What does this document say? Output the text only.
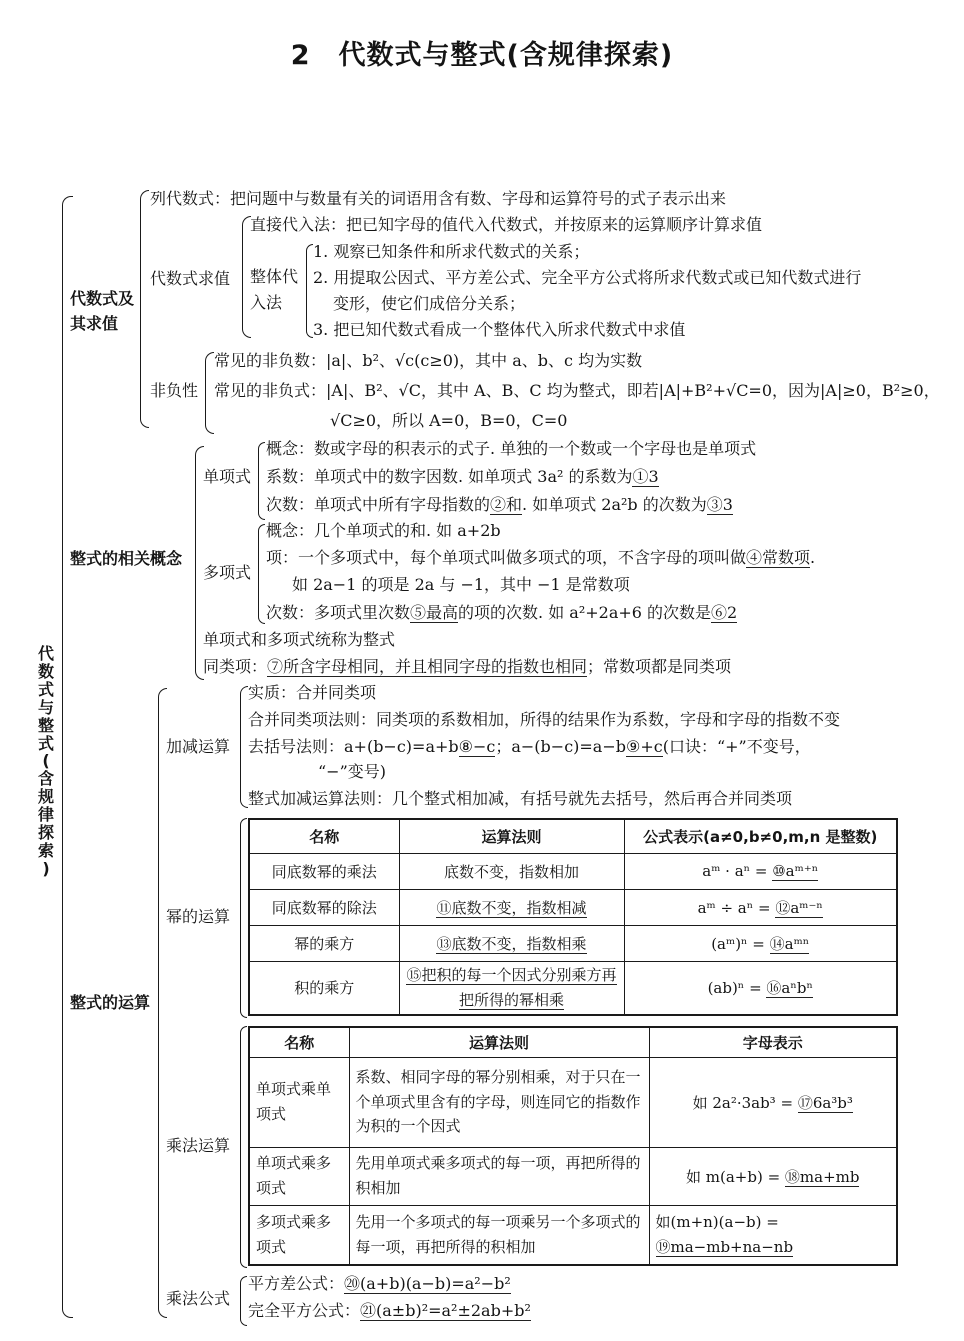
2　代数式与整式(含规律探索)
代
数
式
与
整
式
(
含
规
律
探
索
)
代数式及
其求值
列代数式：把问题中与数量有关的词语用含有数、字母和运算符号的式子表示出来
代数式求值
直接代入法：把已知字母的值代入代数式，并按原来的运算顺序计算求值
整体代
入法
1. 观察已知条件和所求代数式的关系；
2. 用提取公因式、平方差公式、完全平方公式将所求代数式或已知代数式进行
变形，使它们成倍分关系；
3. 把已知代数式看成一个整体代入所求代数式中求值
非负性
常见的非负数：|a|、b²、√c(c≥0)，其中 a、b、c 均为实数
常见的非负式：|A|、B²、√C，其中 A、B、C 均为整式，即若|A|+B²+√C=0，因为|A|≥0，B²≥0，
√C≥0，所以 A=0，B=0，C=0
整式的相关概念
单项式
概念：数或字母的积表示的式子. 单独的一个数或一个字母也是单项式
系数：单项式中的数字因数. 如单项式 3a² 的系数为①3
次数：单项式中所有字母指数的②和. 如单项式 2a²b 的次数为③3
多项式
概念：几个单项式的和. 如 a+2b
项：一个多项式中，每个单项式叫做多项式的项，不含字母的项叫做④常数项.
如 2a−1 的项是 2a 与 −1，其中 −1 是常数项
次数：多项式里次数⑤最高的项的次数. 如 a²+2a+6 的次数是⑥2
单项式和多项式统称为整式
同类项：⑦所含字母相同，并且相同字母的指数也相同；常数项都是同类项
整式的运算
加减运算
实质：合并同类项
合并同类项法则：同类项的系数相加，所得的结果作为系数，字母和字母的指数不变
去括号法则：a+(b−c)=a+b⑧−c；a−(b−c)=a−b⑨+c(口诀：“+”不变号，
“−”变号)
整式加减运算法则：几个整式相加减，有括号就先去括号，然后再合并同类项
幂的运算
名称	运算法则	公式表示(a≠0,b≠0,m,n 是整数)
同底数幂的乘法	底数不变，指数相加	aᵐ · aⁿ = ⑩aᵐ⁺ⁿ
同底数幂的除法	⑪底数不变，指数相减	aᵐ ÷ aⁿ = ⑫aᵐ⁻ⁿ
幂的乘方	⑬底数不变，指数相乘	(aᵐ)ⁿ = ⑭aᵐⁿ
积的乘方	⑮把积的每一个因式分别乘方再把所得的幂相乘	(ab)ⁿ = ⑯aⁿbⁿ
乘法运算
名称	运算法则	字母表示
单项式乘单项式	系数、相同字母的幂分别相乘，对于只在一个单项式里含有的字母，则连同它的指数作为积的一个因式	如 2a²·3ab³ = ⑰6a³b³
单项式乘多项式	先用单项式乘多项式的每一项，再把所得的积相加	如 m(a+b) = ⑱ma+mb
多项式乘多项式	先用一个多项式的每一项乘另一个多项式的每一项，再把所得的积相加	如(m+n)(a−b) = ⑲ma−mb+na−nb
乘法公式
平方差公式：⑳(a+b)(a−b)=a²−b²
完全平方公式：㉑(a±b)²=a²±2ab+b²
